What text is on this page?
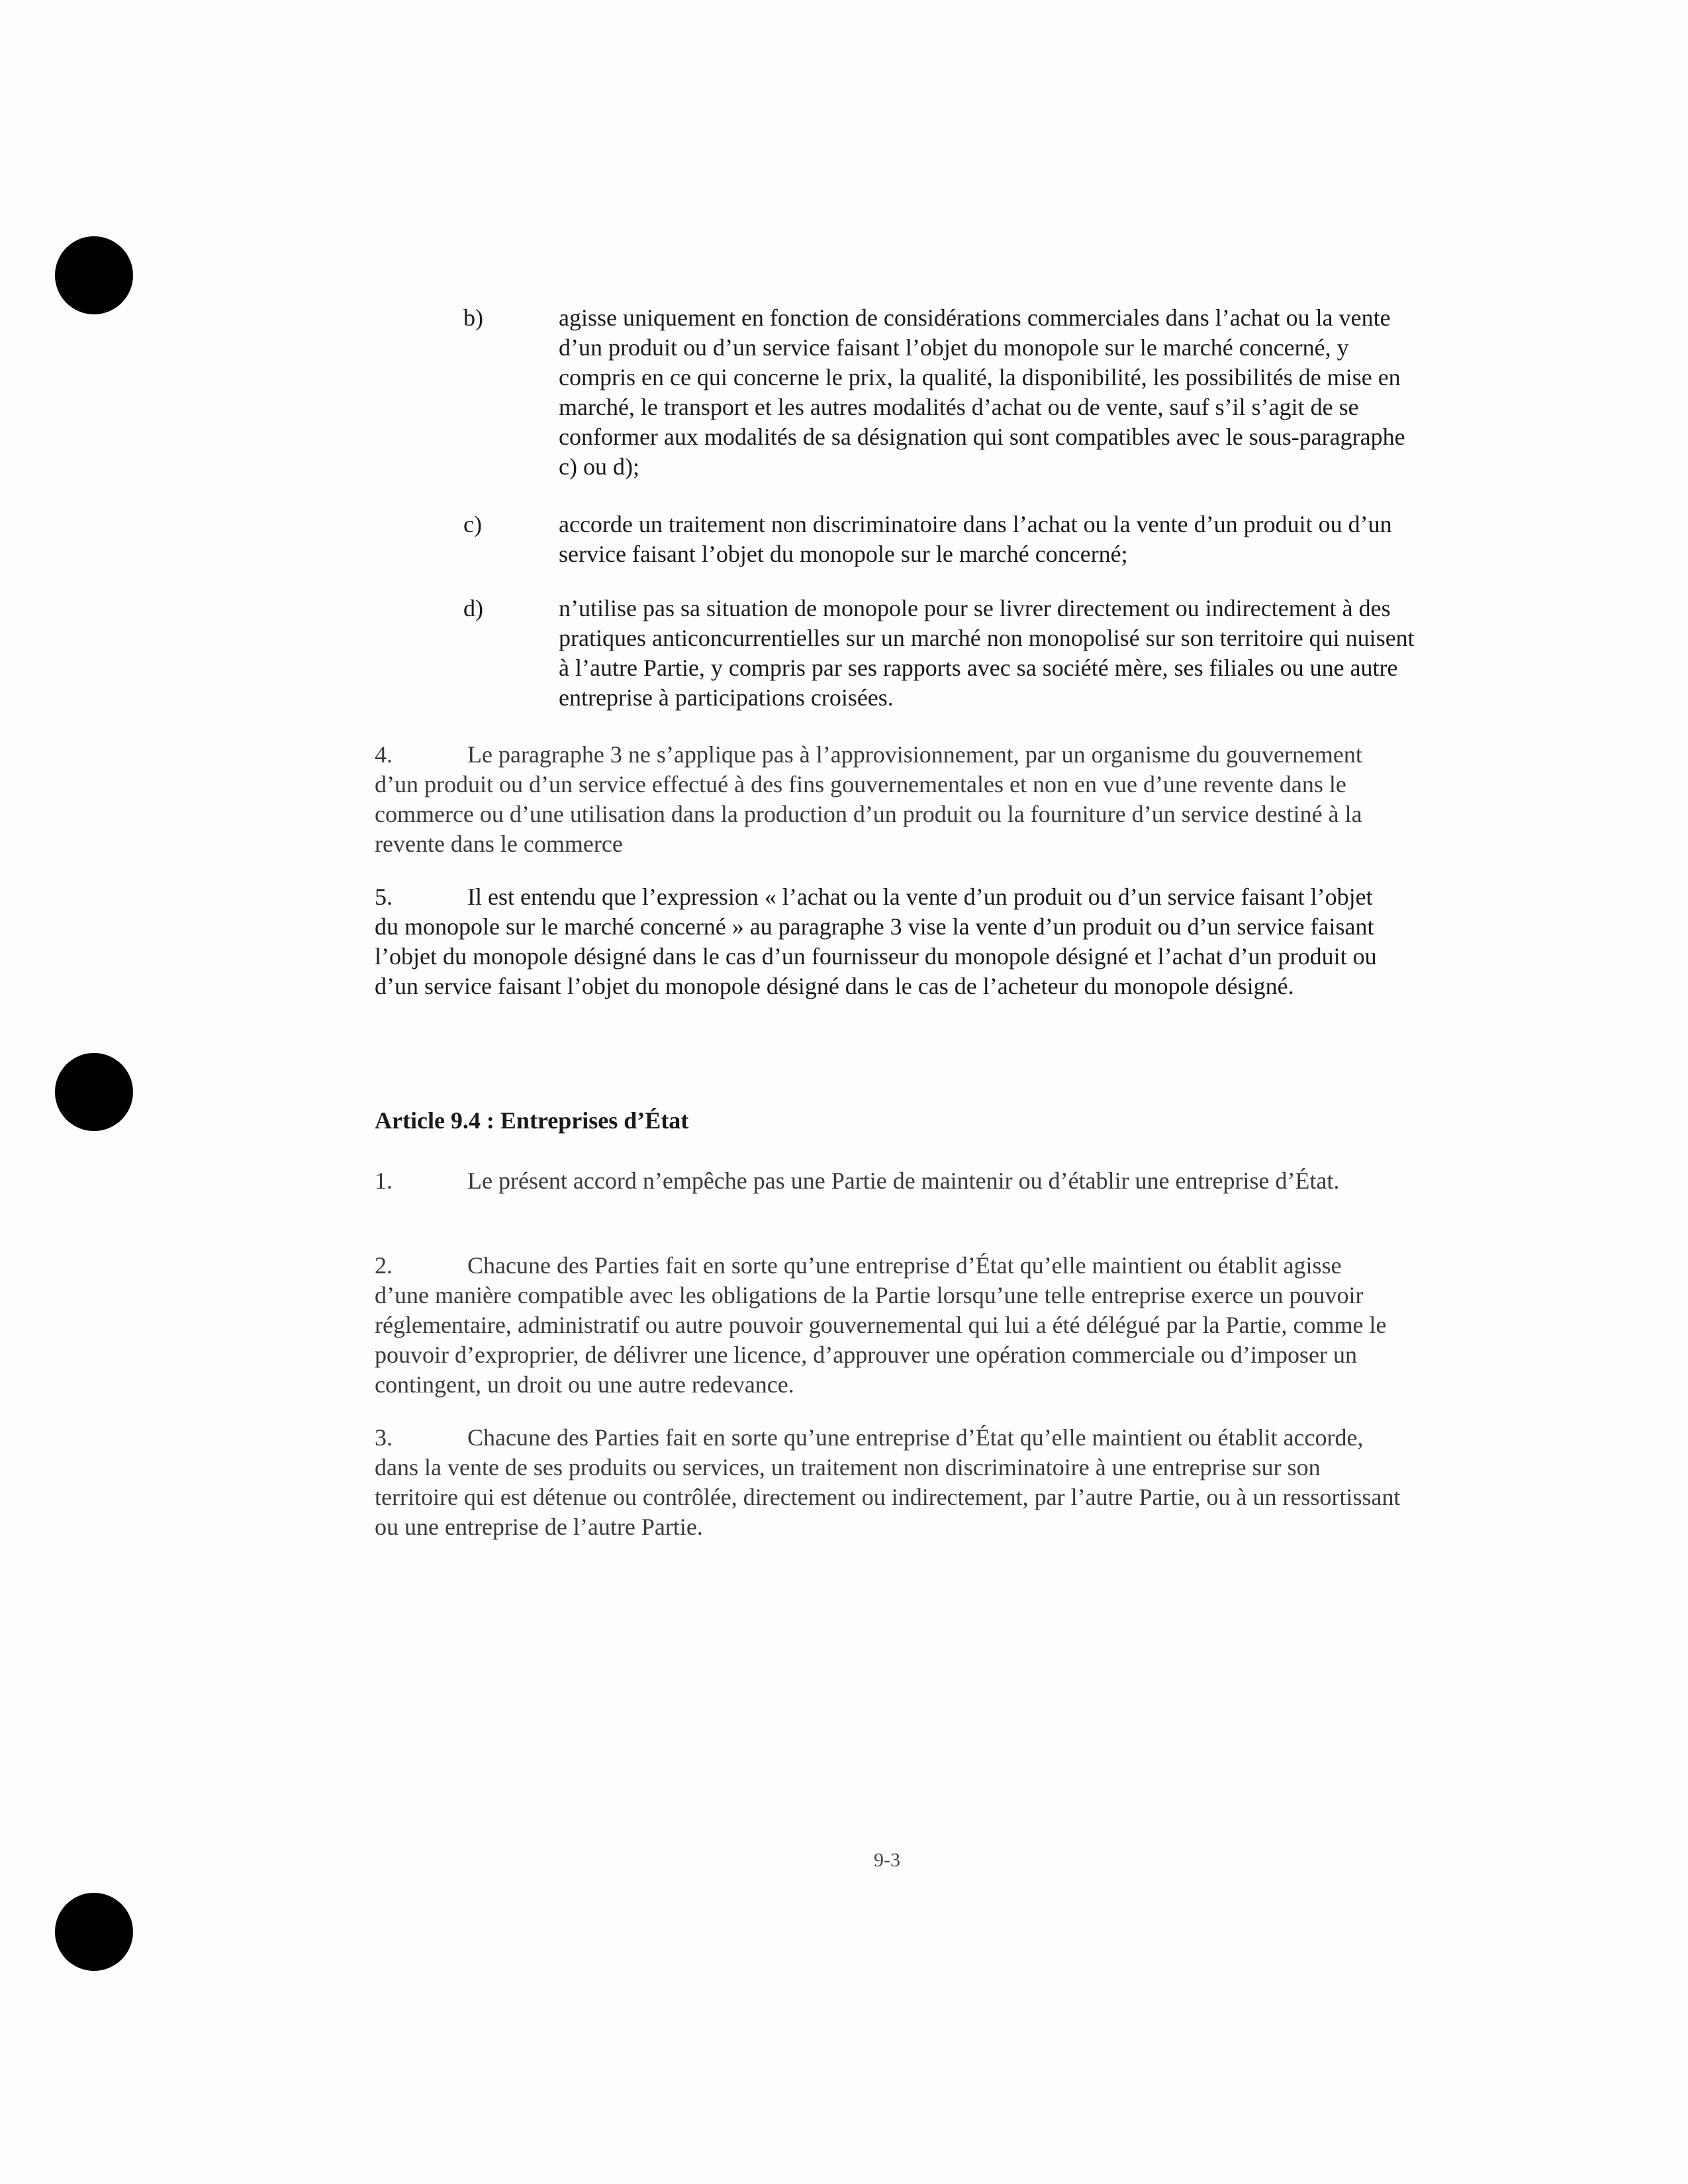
b)	agisse uniquement en fonction de considérations commerciales dans l’achat ou la vente d’un produit ou d’un service faisant l’objet du monopole sur le marché concerné, y compris en ce qui concerne le prix, la qualité, la disponibilité, les possibilités de mise en marché, le transport et les autres modalités d’achat ou de vente, sauf s’il s’agit de se conformer aux modalités de sa désignation qui sont compatibles avec le sous-paragraphe c) ou d);
c)	accorde un traitement non discriminatoire dans l’achat ou la vente d’un produit ou d’un service faisant l’objet du monopole sur le marché concerné;
d)	n’utilise pas sa situation de monopole pour se livrer directement ou indirectement à des pratiques anticoncurrentielles sur un marché non monopolisé sur son territoire qui nuisent à l’autre Partie, y compris par ses rapports avec sa société mère, ses filiales ou une autre entreprise à participations croisées.
4.	Le paragraphe 3 ne s’applique pas à l’approvisionnement, par un organisme du gouvernement d’un produit ou d’un service effectué à des fins gouvernementales et non en vue d’une revente dans le commerce ou d’une utilisation dans la production d’un produit ou la fourniture d’un service destiné à la revente dans le commerce
5.	Il est entendu que l’expression « l’achat ou la vente d’un produit ou d’un service faisant l’objet du monopole sur le marché concerné » au paragraphe 3 vise la vente d’un produit ou d’un service faisant l’objet du monopole désigné dans le cas d’un fournisseur du monopole désigné et l’achat d’un produit ou d’un service faisant l’objet du monopole désigné dans le cas de l’acheteur du monopole désigné.
Article 9.4 : Entreprises d’État
1.	Le présent accord n’empêche pas une Partie de maintenir ou d’établir une entreprise d’État.
2.	Chacune des Parties fait en sorte qu’une entreprise d’État qu’elle maintient ou établit agisse d’une manière compatible avec les obligations de la Partie lorsqu’une telle entreprise exerce un pouvoir réglementaire, administratif ou autre pouvoir gouvernemental qui lui a été délégué par la Partie, comme le pouvoir d’exproprier, de délivrer une licence, d’approuver une opération commerciale ou d’imposer un contingent, un droit ou une autre redevance.
3.	Chacune des Parties fait en sorte qu’une entreprise d’État qu’elle maintient ou établit accorde, dans la vente de ses produits ou services, un traitement non discriminatoire à une entreprise sur son territoire qui est détenue ou contrôlée, directement ou indirectement, par l’autre Partie, ou à un ressortissant ou une entreprise de l’autre Partie.
9-3
